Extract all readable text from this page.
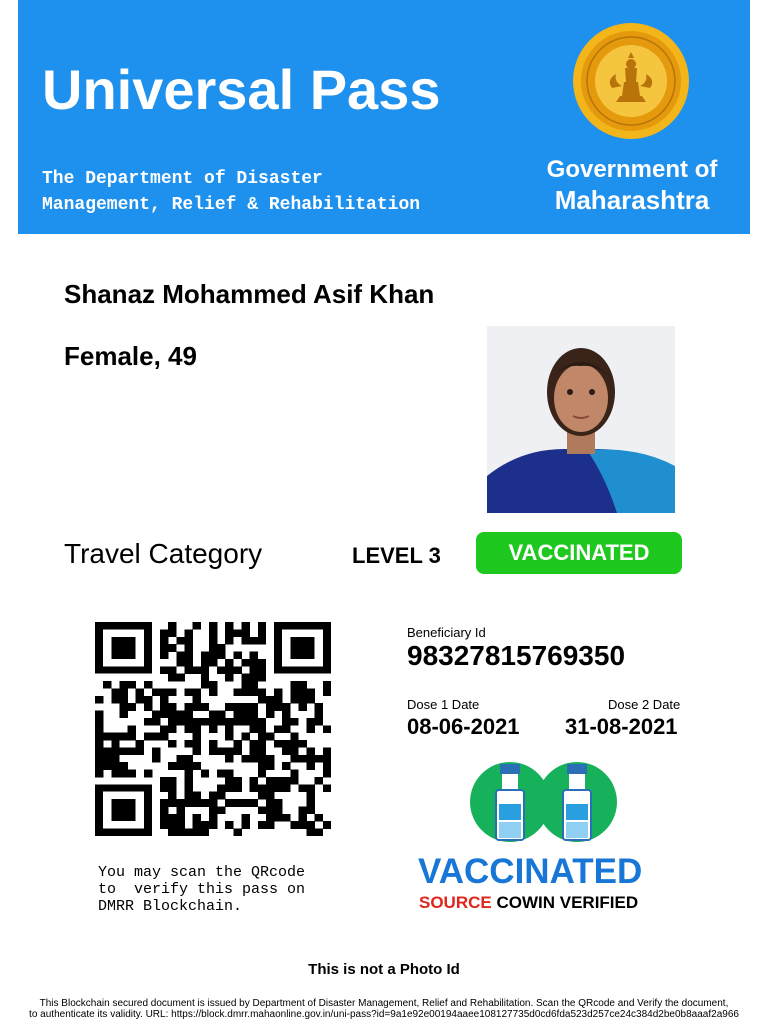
Universal Pass
The Department of Disaster
Management, Relief & Rehabilitation
Government of
Maharashtra
Shanaz Mohammed Asif Khan
Female, 49
Travel Category	LEVEL 3	VACCINATED
You may scan the QRcode
to  verify this pass on
DMRR Blockchain.
Beneficiary Id
98327815769350
Dose 1 Date	Dose 2 Date
08-06-2021 31-08-2021
VACCINATED
SOURCE COWIN VERIFIED
This is not a Photo Id
This Blockchain secured document is issued by Department of Disaster Management, Relief and Rehabilitation. Scan the QRcode and Verify the document,
to authenticate its validity. URL: https://block.dmrr.mahaonline.gov.in/uni-pass?id=9a1e92e00194aaee108127735d0cd6fda523d257ce24c384d2be0b8aaaf2a966
